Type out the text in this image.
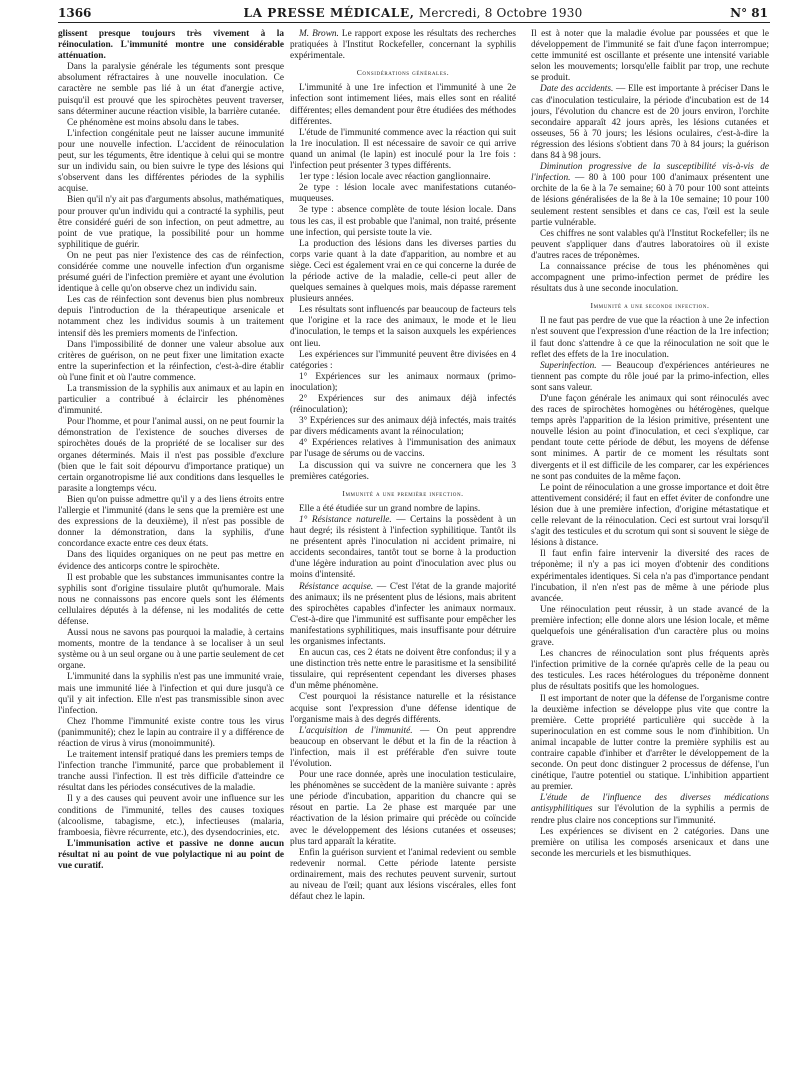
1366	LA PRESSE MÉDICALE, Mercredi, 8 Octobre 1930	N° 81

glissent presque toujours très vivement à la réinoculation. L'immunité montre une considérable atténuation.

Dans la paralysie générale les téguments sont presque absolument réfractaires à une nouvelle inoculation. Ce caractère ne semble pas lié à un état d'anergie active, puisqu'il est prouvé que les spirochètes peuvent traverser, sans déterminer aucune réaction visible, la barrière cutanée.

Ce phénomène est moins absolu dans le tabes.

L'infection congénitale peut ne laisser aucune immunité pour une nouvelle infection. L'accident de réinoculation peut, sur les téguments, être identique à celui qui se montre sur un individu sain, ou bien suivre le type des lésions qui s'observent dans les différentes périodes de la syphilis acquise.

Bien qu'il n'y ait pas d'arguments absolus, mathématiques, pour prouver qu'un individu qui a contracté la syphilis, peut être considéré guéri de son infection, on peut admettre, au point de vue pratique, la possibilité pour un homme syphilitique de guérir.

On ne peut pas nier l'existence des cas de réinfection, considérée comme une nouvelle infection d'un organisme présumé guéri de l'infection première et ayant une évolution identique à celle qu'on observe chez un individu sain.

Les cas de réinfection sont devenus bien plus nombreux depuis l'introduction de la thérapeutique arsenicale et notamment chez les individus soumis à un traitement intensif dès les premiers moments de l'infection.

Dans l'impossibilité de donner une valeur absolue aux critères de guérison, on ne peut fixer une limitation exacte entre la superinfection et la réinfection, c'est-à-dire établir où l'une finit et où l'autre commence.

La transmission de la syphilis aux animaux et au lapin en particulier a contribué à éclaircir les phénomènes d'immunité.

Pour l'homme, et pour l'animal aussi, on ne peut fournir la démonstration de l'existence de souches diverses de spirochètes doués de la propriété de se localiser sur des organes déterminés. Mais il n'est pas possible d'exclure (bien que le fait soit dépourvu d'importance pratique) un certain organotropisme lié aux conditions dans lesquelles le parasite a longtemps vécu.

Bien qu'on puisse admettre qu'il y a des liens étroits entre l'allergie et l'immunité (dans le sens que la première est une des expressions de la deuxième), il n'est pas possible de donner la démonstration, dans la syphilis, d'une concordance exacte entre ces deux états.

Dans des liquides organiques on ne peut pas mettre en évidence des anticorps contre le spirochète.

Il est probable que les substances immunisantes contre la syphilis sont d'origine tissulaire plutôt qu'humorale. Mais nous ne connaissons pas encore quels sont les éléments cellulaires députés à la défense, ni les modalités de cette défense.

Aussi nous ne savons pas pourquoi la maladie, à certains moments, montre de la tendance à se localiser à un seul système ou à un seul organe ou à une partie seulement de cet organe.

L'immunité dans la syphilis n'est pas une immunité vraie, mais une immunité liée à l'infection et qui dure jusqu'à ce qu'il y ait infection. Elle n'est pas transmissible sinon avec l'infection.

Chez l'homme l'immunité existe contre tous les virus (panimmunité); chez le lapin au contraire il y a différence de réaction de virus à virus (monoimmunité).

Le traitement intensif pratiqué dans les premiers temps de l'infection tranche l'immunité, parce que probablement il tranche aussi l'infection. Il est très difficile d'atteindre ce résultat dans les périodes consécutives de la maladie.

Il y a des causes qui peuvent avoir une influence sur les conditions de l'immunité, telles des causes toxiques (alcoolisme, tabagisme, etc.), infectieuses (malaria, framboesia, fièvre récurrente, etc.), des dysendocrinies, etc.

L'immunisation active et passive ne donne aucun résultat ni au point de vue polylactique ni au point de vue curatif.

M. Brown. Le rapport expose les résultats des recherches pratiquées à l'Institut Rockefeller, concernant la syphilis expérimentale.

Considérations générales.

L'immunité à une 1re infection et l'immunité à une 2e infection sont intimement liées, mais elles sont en réalité différentes; elles demandent pour être étudiées des méthodes différentes.

L'étude de l'immunité commence avec la réaction qui suit la 1re inoculation. Il est nécessaire de savoir ce qui arrive quand un animal (le lapin) est inoculé pour la 1re fois : l'infection peut présenter 3 types différents.

1er type : lésion locale avec réaction ganglionnaire.

2e type : lésion locale avec manifestations cutanéo-muqueuses.

3e type : absence complète de toute lésion locale. Dans tous les cas, il est probable que l'animal, non traité, présente une infection, qui persiste toute la vie.

La production des lésions dans les diverses parties du corps varie quant à la date d'apparition, au nombre et au siège. Ceci est également vrai en ce qui concerne la durée de la période active de la maladie, celle-ci peut aller de quelques semaines à quelques mois, mais dépasse rarement plusieurs années.

Les résultats sont influencés par beaucoup de facteurs tels que l'origine et la race des animaux, le mode et le lieu d'inoculation, le temps et la saison auxquels les expériences ont lieu.

Les expériences sur l'immunité peuvent être divisées en 4 catégories :

1° Expériences sur les animaux normaux (primo-inoculation);

2° Expériences sur des animaux déjà infectés (réinoculation);

3° Expériences sur des animaux déjà infectés, mais traités par divers médicaments avant la réinoculation;

4° Expériences relatives à l'immunisation des animaux par l'usage de sérums ou de vaccins.

La discussion qui va suivre ne concernera que les 3 premières catégories.

Immunité a une première infection.

Elle a été étudiée sur un grand nombre de lapins.

1° Résistance naturelle. — Certains la possèdent à un haut degré; ils résistent à l'infection syphilitique. Tantôt ils ne présentent après l'inoculation ni accident primaire, ni accidents secondaires, tantôt tout se borne à la production d'une légère induration au point d'inoculation avec plus ou moins d'intensité.

Résistance acquise. — C'est l'état de la grande majorité des animaux; ils ne présentent plus de lésions, mais abritent des spirochètes capables d'infecter les animaux normaux. C'est-à-dire que l'immunité est suffisante pour empêcher les manifestations syphilitiques, mais insuffisante pour détruire les organismes infectants.

En aucun cas, ces 2 états ne doivent être confondus; il y a une distinction très nette entre le parasitisme et la sensibilité tissulaire, qui représentent cependant les diverses phases d'un même phénomène.

C'est pourquoi la résistance naturelle et la résistance acquise sont l'expression d'une défense identique de l'organisme mais à des degrés différents.

L'acquisition de l'immunité. — On peut apprendre beaucoup en observant le début et la fin de la réaction à l'infection, mais il est préférable d'en suivre toute l'évolution.

Pour une race donnée, après une inoculation testiculaire, les phénomènes se succèdent de la manière suivante : après une période d'incubation, apparition du chancre qui se résout en partie. La 2e phase est marquée par une réactivation de la lésion primaire qui précède ou coïncide avec le développement des lésions cutanées et osseuses; plus tard apparaît la kératite.

Enfin la guérison survient et l'animal redevient ou semble redevenir normal. Cette période latente persiste ordinairement, mais des rechutes peuvent survenir, surtout au niveau de l'œil; quant aux lésions viscérales, elles font défaut chez le lapin.

Il est à noter que la maladie évolue par poussées et que le développement de l'immunité se fait d'une façon interrompue; cette immunité est oscillante et présente une intensité variable selon les mouvements; lorsqu'elle faiblit par trop, une rechute se produit.

Date des accidents. — Elle est importante à préciser Dans le cas d'inoculation testiculaire, la période d'incubation est de 14 jours, l'évolution du chancre est de 20 jours environ, l'orchite secondaire apparaît 42 jours après, les lésions cutanées et osseuses, 56 à 70 jours; les lésions oculaires, c'est-à-dire la régression des lésions s'obtient dans 70 à 84 jours; la guérison dans 84 à 98 jours.

Diminution progressive de la susceptibilité vis-à-vis de l'infection. — 80 à 100 pour 100 d'animaux présentent une orchite de la 6e à la 7e semaine; 60 à 70 pour 100 sont atteints de lésions généralisées de la 8e à la 10e semaine; 10 pour 100 seulement restent sensibles et dans ce cas, l'œil est la seule partie vulnérable.

Ces chiffres ne sont valables qu'à l'Institut Rockefeller; ils ne peuvent s'appliquer dans d'autres laboratoires où il existe d'autres races de tréponèmes.

La connaissance précise de tous les phénomènes qui accompagnent une primo-infection permet de prédire les résultats dus à une seconde inoculation.

Immunité a une seconde infection.

Il ne faut pas perdre de vue que la réaction à une 2e infection n'est souvent que l'expression d'une réaction de la 1re infection; il faut donc s'attendre à ce que la réinoculation ne soit que le reflet des effets de la 1re inoculation.

Superinfection. — Beaucoup d'expériences antérieures ne tiennent pas compte du rôle joué par la primo-infection, elles sont sans valeur.

D'une façon générale les animaux qui sont réinoculés avec des races de spirochètes homogènes ou hétérogènes, quelque temps après l'apparition de la lésion primitive, présentent une nouvelle lésion au point d'inoculation, et ceci s'explique, car pendant toute cette période de début, les moyens de défense sont minimes. A partir de ce moment les résultats sont divergents et il est difficile de les comparer, car les expériences ne sont pas conduites de la même façon.

Le point de réinoculation a une grosse importance et doit être attentivement considéré; il faut en effet éviter de confondre une lésion due à une première infection, d'origine métastatique et celle relevant de la réinoculation. Ceci est surtout vrai lorsqu'il s'agit des testicules et du scrotum qui sont si souvent le siège de lésions à distance.

Il faut enfin faire intervenir la diversité des races de tréponème; il n'y a pas ici moyen d'obtenir des conditions expérimentales identiques. Si cela n'a pas d'importance pendant l'incubation, il n'en n'est pas de même à une période plus avancée.

Une réinoculation peut réussir, à un stade avancé de la première infection; elle donne alors une lésion locale, et même quelquefois une généralisation d'un caractère plus ou moins grave.

Les chancres de réinoculation sont plus fréquents après l'infection primitive de la cornée qu'après celle de la peau ou des testicules. Les races hétérologues du tréponème donnent plus de résultats positifs que les homologues.

Il est important de noter que la défense de l'organisme contre la deuxième infection se développe plus vite que contre la première. Cette propriété particulière qui succède à la superinoculation en est comme sous le nom d'inhibition. Un animal incapable de lutter contre la première syphilis est au contraire capable d'inhiber et d'arrêter le développement de la seconde. On peut donc distinguer 2 processus de défense, l'un cinétique, l'autre potentiel ou statique. L'inhibition appartient au premier.

L'étude de l'influence des diverses médications antisyphilitiques sur l'évolution de la syphilis a permis de rendre plus claire nos conceptions sur l'immunité.

Les expériences se divisent en 2 catégories. Dans une première on utilisa les composés arsenicaux et dans une seconde les mercuriels et les bismuthiques.
